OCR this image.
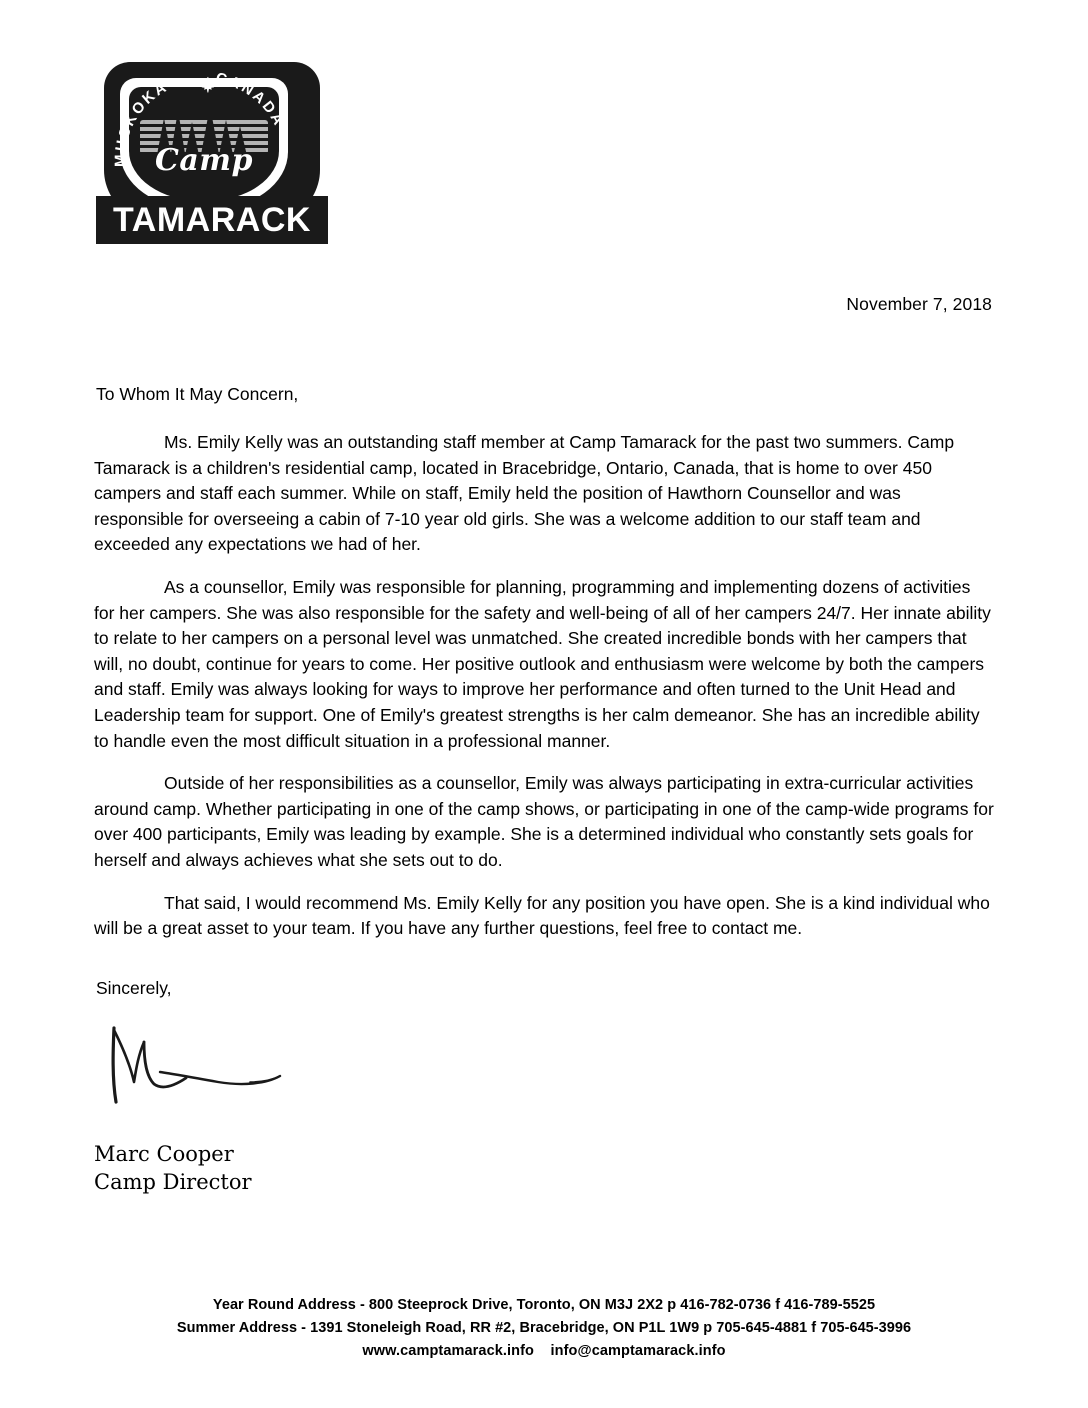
MUSKOKA	CANADA
Camp
TAMARACK
November 7, 2018
To Whom It May Concern,

Ms. Emily Kelly was an outstanding staff member at Camp Tamarack for the past two summers. Camp Tamarack is a children's residential camp, located in Bracebridge, Ontario, Canada, that is home to over 450 campers and staff each summer. While on staff, Emily held the position of Hawthorn Counsellor and was responsible for overseeing a cabin of 7-10 year old girls. She was a welcome addition to our staff team and exceeded any expectations we had of her.

As a counsellor, Emily was responsible for planning, programming and implementing dozens of activities for her campers. She was also responsible for the safety and well-being of all of her campers 24/7. Her innate ability to relate to her campers on a personal level was unmatched. She created incredible bonds with her campers that will, no doubt, continue for years to come. Her positive outlook and enthusiasm were welcome by both the campers and staff. Emily was always looking for ways to improve her performance and often turned to the Unit Head and Leadership team for support. One of Emily's greatest strengths is her calm demeanor. She has an incredible ability to handle even the most difficult situation in a professional manner.

Outside of her responsibilities as a counsellor, Emily was always participating in extra-curricular activities around camp. Whether participating in one of the camp shows, or participating in one of the camp-wide programs for over 400 participants, Emily was leading by example. She is a determined individual who constantly sets goals for herself and always achieves what she sets out to do.

That said, I would recommend Ms. Emily Kelly for any position you have open. She is a kind individual who will be a great asset to your team. If you have any further questions, feel free to contact me.

Sincerely,
Marc Cooper
Camp Director
Year Round Address - 800 Steeprock Drive, Toronto, ON M3J 2X2 p 416-782-0736 f 416-789-5525
Summer Address - 1391 Stoneleigh Road, RR #2, Bracebridge, ON P1L 1W9 p 705-645-4881 f 705-645-3996
www.camptamarack.info info@camptamarack.info
